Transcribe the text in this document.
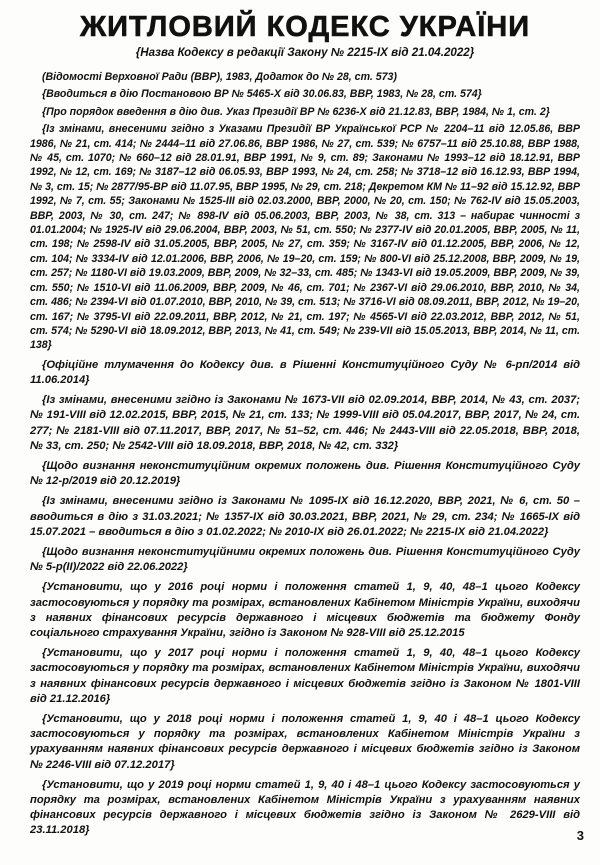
ЖИТЛОВИЙ КОДЕКС УКРАЇНИ
{Назва Кодексу в редакції Закону № 2215-IX від 21.04.2022}

(Відомості Верховної Ради (ВВР), 1983, Додаток до № 28, ст. 573)

{Вводиться в дію Постановою ВР № 5465-X від 30.06.83, ВВР, 1983, № 28, ст. 574}

{Про порядок введення в дію див. Указ Президії ВР № 6236-X від 21.12.83, ВВР, 1984, № 1, ст. 2}

{Із змінами, внесеними згідно з Указами Президії ВР Української РСР № 2204–11 від 12.05.86, ВВР 1986, № 21, ст. 414; № 2444–11 від 27.06.86, ВВР 1986, № 27, ст. 539; № 6757–11 від 25.10.88, ВВР 1988, № 45, ст. 1070; № 660–12 від 28.01.91, ВВР 1991, № 9, ст. 89; Законами № 1993–12 від 18.12.91, ВВР 1992, № 12, ст. 169; № 3187–12 від 06.05.93, ВВР 1993, № 24, ст. 258; № 3718–12 від 16.12.93, ВВР 1994, № 3, ст. 15; № 2877/95-ВР від 11.07.95, ВВР 1995, № 29, ст. 218; Декретом КМ № 11–92 від 15.12.92, ВВР 1992, № 7, ст. 55; Законами № 1525-III від 02.03.2000, ВВР, 2000, № 20, ст. 150; № 762-IV від 15.05.2003, ВВР, 2003, № 30, ст. 247; № 898-IV від 05.06.2003, ВВР, 2003, № 38, ст. 313 – набирає чинності з 01.01.2004; № 1925-IV від 29.06.2004, ВВР, 2003, № 51, ст. 550; № 2377-IV від 20.01.2005, ВВР, 2005, № 11, ст. 198; № 2598-IV від 31.05.2005, ВВР, 2005, № 27, ст. 359; № 3167-IV від 01.12.2005, ВВР, 2006, № 12, ст. 104; № 3334-IV від 12.01.2006, ВВР, 2006, № 19–20, ст. 159; № 800-VI від 25.12.2008, ВВР, 2009, № 19, ст. 257; № 1180-VI від 19.03.2009, ВВР, 2009, № 32–33, ст. 485; № 1343-VI від 19.05.2009, ВВР, 2009, № 39, ст. 550; № 1510-VI від 11.06.2009, ВВР, 2009, № 46, ст. 701; № 2367-VI від 29.06.2010, ВВР, 2010, № 34, ст. 486; № 2394-VI від 01.07.2010, ВВР, 2010, № 39, ст. 513; № 3716-VI від 08.09.2011, ВВР, 2012, № 19–20, ст. 167; № 3795-VI від 22.09.2011, ВВР, 2012, № 21, ст. 197; № 4565-VI від 22.03.2012, ВВР, 2012, № 51, ст. 574; № 5290-VI від 18.09.2012, ВВР, 2013, № 41, ст. 549; № 239-VII від 15.05.2013, ВВР, 2014, № 11, ст. 138}

{Офіційне тлумачення до Кодексу див. в Рішенні Конституційного Суду № 6-рп/2014 від 11.06.2014}

{Із змінами, внесеними згідно із Законами № 1673-VII від 02.09.2014, ВВР, 2014, № 43, ст. 2037; № 191-VIII від 12.02.2015, ВВР, 2015, № 21, ст. 133; № 1999-VIII від 05.04.2017, ВВР, 2017, № 24, ст. 277; № 2181-VIII від 07.11.2017, ВВР, 2017, № 51–52, ст. 446; № 2443-VIII від 22.05.2018, ВВР, 2018, № 33, ст. 250; № 2542-VIII від 18.09.2018, ВВР, 2018, № 42, ст. 332}

{Щодо визнання неконституційним окремих положень див. Рішення Конституційного Суду № 12-р/2019 від 20.12.2019}

{Із змінами, внесеними згідно із Законами № 1095-IX від 16.12.2020, ВВР, 2021, № 6, ст. 50 – вводиться в дію з 31.03.2021; № 1357-IX від 30.03.2021, ВВР, 2021, № 29, ст. 234; № 1665-IX від 15.07.2021 – вводиться в дію з 01.02.2022; № 2010-IX від 26.01.2022; № 2215-IX від 21.04.2022}

{Щодо визнання неконституційними окремих положень див. Рішення Конституційного Суду № 5-р(II)/2022 від 22.06.2022}

{Установити, що у 2016 році норми і положення статей 1, 9, 40, 48–1 цього Кодексу застосовуються у порядку та розмірах, встановлених Кабінетом Міністрів України, виходячи з наявних фінансових ресурсів державного і місцевих бюджетів та бюджету Фонду соціального страхування України, згідно із Законом № 928-VIII від 25.12.2015

{Установити, що у 2017 році норми і положення статей 1, 9, 40, 48–1 цього Кодексу застосовуються у порядку та розмірах, встановлених Кабінетом Міністрів України, виходячи з наявних фінансових ресурсів державного і місцевих бюджетів згідно із Законом № 1801-VIII від 21.12.2016}

{Установити, що у 2018 році норми і положення статей 1, 9, 40 і 48–1 цього Кодексу застосовуються у порядку та розмірах, встановлених Кабінетом Міністрів України з урахуванням наявних фінансових ресурсів державного і місцевих бюджетів згідно із Законом № 2246-VIII від 07.12.2017}

{Установити, що у 2019 році норми статей 1, 9, 40 і 48–1 цього Кодексу застосовуються у порядку та розмірах, встановлених Кабінетом Міністрів України з урахуванням наявних фінансових ресурсів державного і місцевих бюджетів згідно із Законом № 2629-VIII від 23.11.2018}	3
